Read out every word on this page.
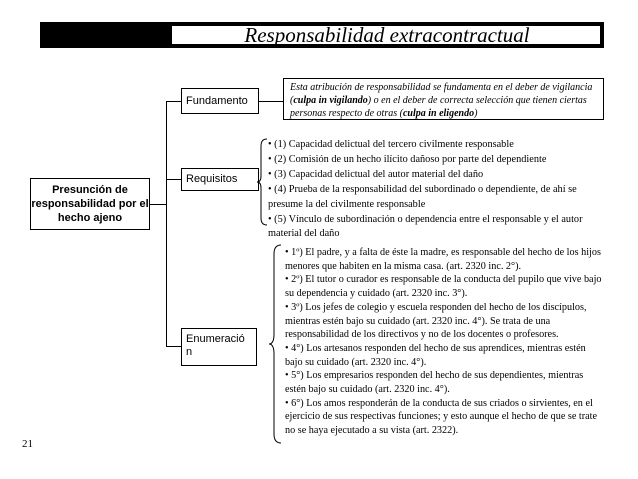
Responsabilidad extracontractual
Presunción de responsabilidad por el hecho ajeno
Fundamento
Requisitos
Enumeració n
Esta atribución de responsabilidad se fundamenta en el deber de vigilancia (culpa in vigilando) o en el deber de correcta selección que tienen ciertas personas respecto de otras (culpa in eligendo)

• (1) Capacidad delictual del tercero civilmente responsable

• (2) Comisión de un hecho ilícito dañoso por parte del dependiente

• (3) Capacidad delictual del autor material del daño

• (4) Prueba de la responsabilidad del subordinado o dependiente, de ahí se presume la del civilmente responsable

• (5) Vínculo de subordinación o dependencia entre el responsable y el autor material del daño

• 1º) El padre, y a falta de éste la madre, es responsable del hecho de los hijos menores que habiten en la misma casa. (art. 2320 inc. 2°).

• 2º) El tutor o curador es responsable de la conducta del pupilo que vive bajo su dependencia y cuidado (art. 2320 inc. 3°).

• 3º) Los jefes de colegio y escuela responden del hecho de los discípulos, mientras estén bajo su cuidado (art. 2320 inc. 4°). Se trata de una responsabilidad de los directivos y no de los docentes o profesores.

• 4°) Los artesanos responden del hecho de sus aprendices, mientras estén bajo su cuidado (art. 2320 inc. 4°).

• 5°) Los empresarios responden del hecho de sus dependientes, mientras estén bajo su cuidado (art. 2320 inc. 4°).

• 6°) Los amos responderán de la conducta de sus criados o sirvientes, en el ejercicio de sus respectivas funciones; y esto aunque el hecho de que se trate no se haya ejecutado a su vista (art. 2322).

21
